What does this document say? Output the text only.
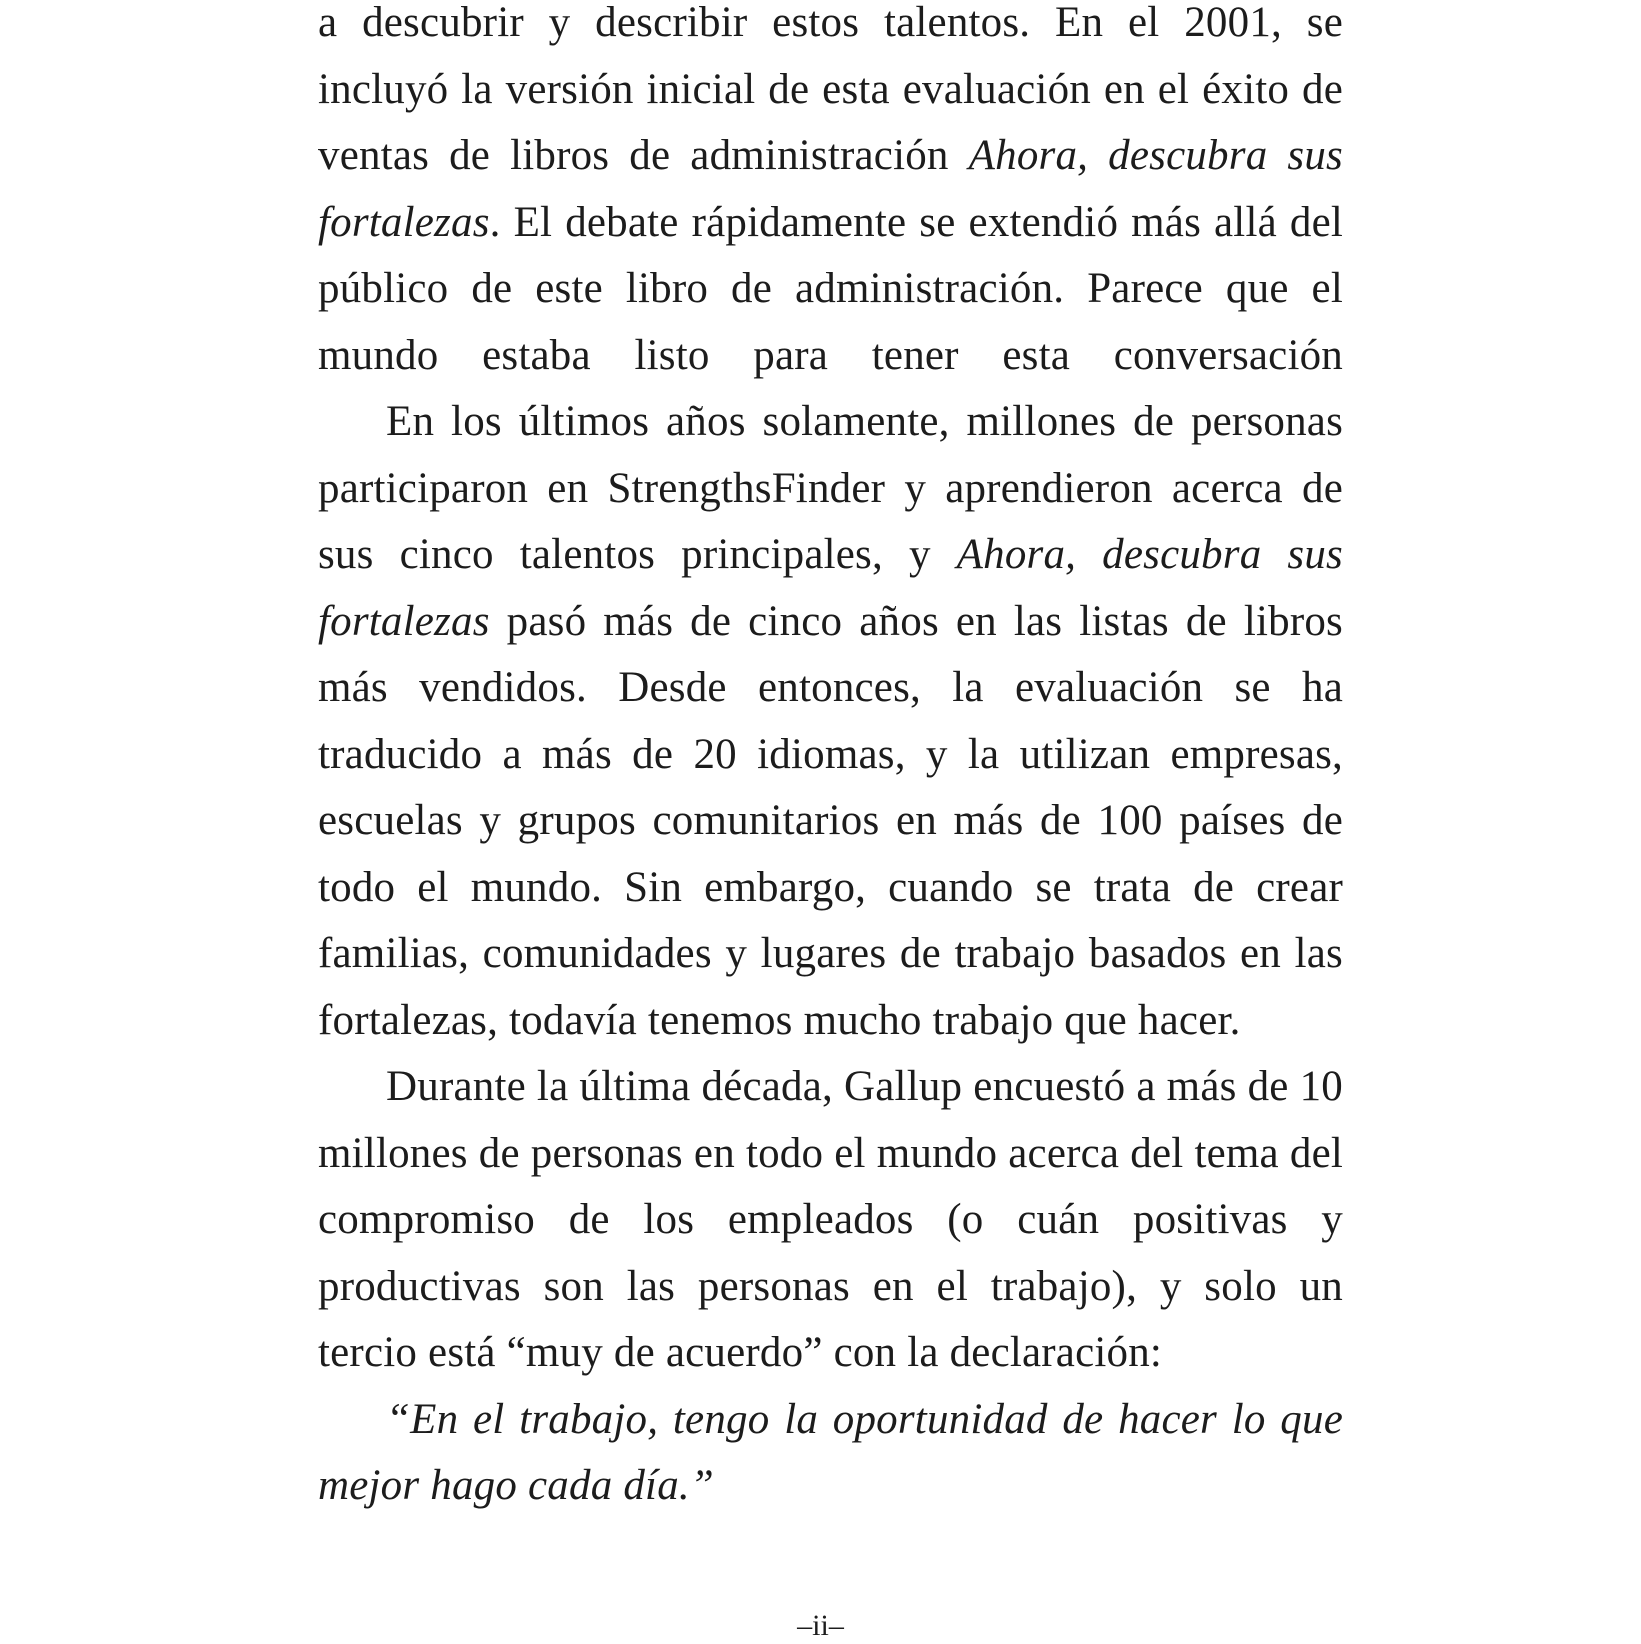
a descubrir y describir estos talentos. En el 2001, se incluyó la versión inicial de esta evaluación en el éxito de ventas de libros de administración Ahora, descubra sus fortalezas. El debate rápidamente se extendió más allá del público de este libro de administración. Parece que el mundo estaba listo para tener esta conversación

En los últimos años solamente, millones de personas participaron en StrengthsFinder y aprendieron acerca de sus cinco talentos principales, y Ahora, descubra sus fortalezas pasó más de cinco años en las listas de libros más vendidos. Desde entonces, la evaluación se ha traducido a más de 20 idiomas, y la utilizan empresas, escuelas y grupos comunitarios en más de 100 países de todo el mundo. Sin embargo, cuando se trata de crear familias, comunidades y lugares de trabajo basados en las fortalezas, todavía tenemos mucho trabajo que hacer.

Durante la última década, Gallup encuestó a más de 10 millones de personas en todo el mundo acerca del tema del compromiso de los empleados (o cuán positivas y productivas son las personas en el trabajo), y solo un tercio está “muy de acuerdo” con la declaración:

“En el trabajo, tengo la oportunidad de hacer lo que mejor hago cada día.”

–ii–
